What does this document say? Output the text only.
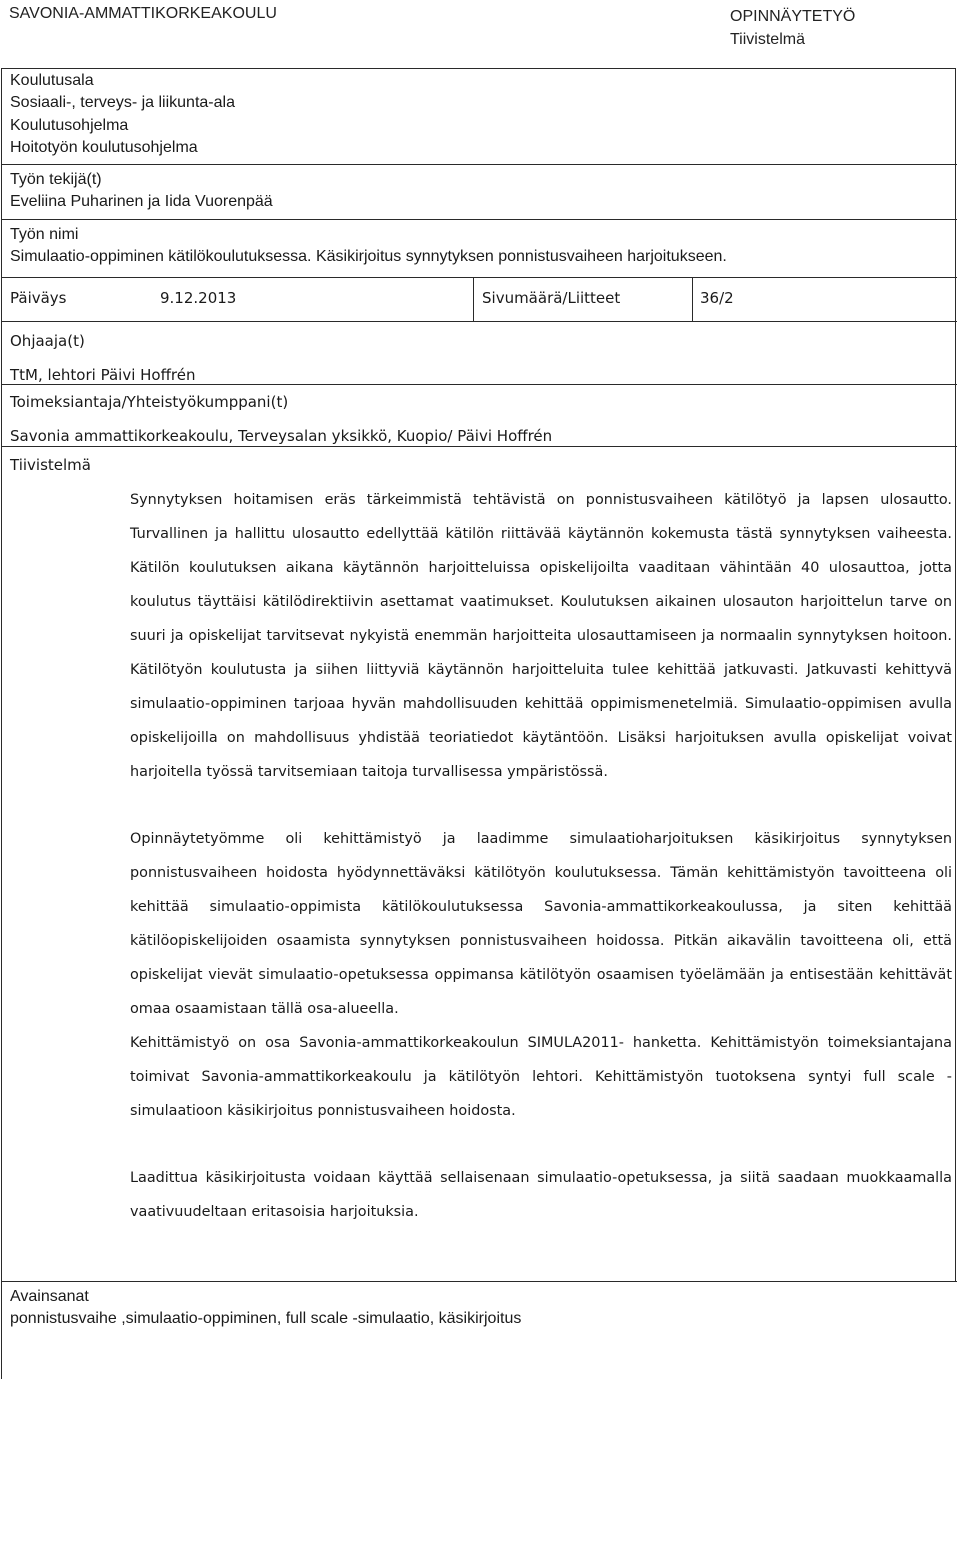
SAVONIA-AMMATTIKORKEAKOULU	OPINNÄYTETYÖ
Tiivistelmä
Koulutusala
Sosiaali-, terveys- ja liikunta-ala
Koulutusohjelma
Hoitotyön koulutusohjelma
Työn tekijä(t)
Eveliina Puharinen ja Iida Vuorenpää
Työn nimi
Simulaatio-oppiminen kätilökoulutuksessa. Käsikirjoitus synnytyksen ponnistusvaiheen harjoitukseen.
Päiväys	9.12.2013	Sivumäärä/Liitteet	36/2
Ohjaaja(t)
TtM, lehtori Päivi Hoffrén
Toimeksiantaja/Yhteistyökumppani(t)
Savonia ammattikorkeakoulu, Terveysalan yksikkö, Kuopio/ Päivi Hoffrén
Tiivistelmä

Synnytyksen hoitamisen eräs tärkeimmistä tehtävistä on ponnistusvaiheen kätilötyö ja lapsen ulosautto. Turvallinen ja hallittu ulosautto edellyttää kätilön riittävää käytännön kokemusta tästä synnytyksen vaiheesta. Kätilön koulutuksen aikana käytännön harjoitteluissa opiskelijoilta vaaditaan vähintään 40 ulosauttoa, jotta koulutus täyttäisi kätilödirektiivin asettamat vaatimukset. Koulutuksen aikainen ulosauton harjoittelun tarve on suuri ja opiskelijat tarvitsevat nykyistä enemmän harjoitteita ulosauttamiseen ja normaalin synnytyksen hoitoon. Kätilötyön koulutusta ja siihen liittyviä käytännön harjoitteluita tulee kehittää jatkuvasti. Jatkuvasti kehittyvä simulaatio-oppiminen tarjoaa hyvän mahdollisuuden kehittää oppimismenetelmiä. Simulaatio-oppimisen avulla opiskelijoilla on mahdollisuus yhdistää teoriatiedot käytäntöön. Lisäksi harjoituksen avulla opiskelijat voivat harjoitella työssä tarvitsemiaan taitoja turvallisessa ympäristössä.

Opinnäytetyömme oli kehittämistyö ja laadimme simulaatioharjoituksen käsikirjoitus synnytyksen ponnistusvaiheen hoidosta hyödynnettäväksi kätilötyön koulutuksessa. Tämän kehittämistyön tavoitteena oli kehittää simulaatio-oppimista kätilökoulutuksessa Savonia-ammattikorkeakoulussa, ja siten kehittää kätilöopiskelijoiden osaamista synnytyksen ponnistusvaiheen hoidossa. Pitkän aikavälin tavoitteena oli, että opiskelijat vievät simulaatio-opetuksessa oppimansa kätilötyön osaamisen työelämään ja entisestään kehittävät omaa osaamistaan tällä osa-alueella.

Kehittämistyö on osa Savonia-ammattikorkeakoulun SIMULA2011- hanketta. Kehittämistyön toimeksiantajana toimivat Savonia-ammattikorkeakoulu ja kätilötyön lehtori. Kehittämistyön tuotoksena syntyi full scale -simulaatioon käsikirjoitus ponnistusvaiheen hoidosta.

Laadittua käsikirjoitusta voidaan käyttää sellaisenaan simulaatio-opetuksessa, ja siitä saadaan muokkaamalla vaativuudeltaan eritasoisia harjoituksia.

Avainsanat
ponnistusvaihe ,simulaatio-oppiminen, full scale -simulaatio, käsikirjoitus
